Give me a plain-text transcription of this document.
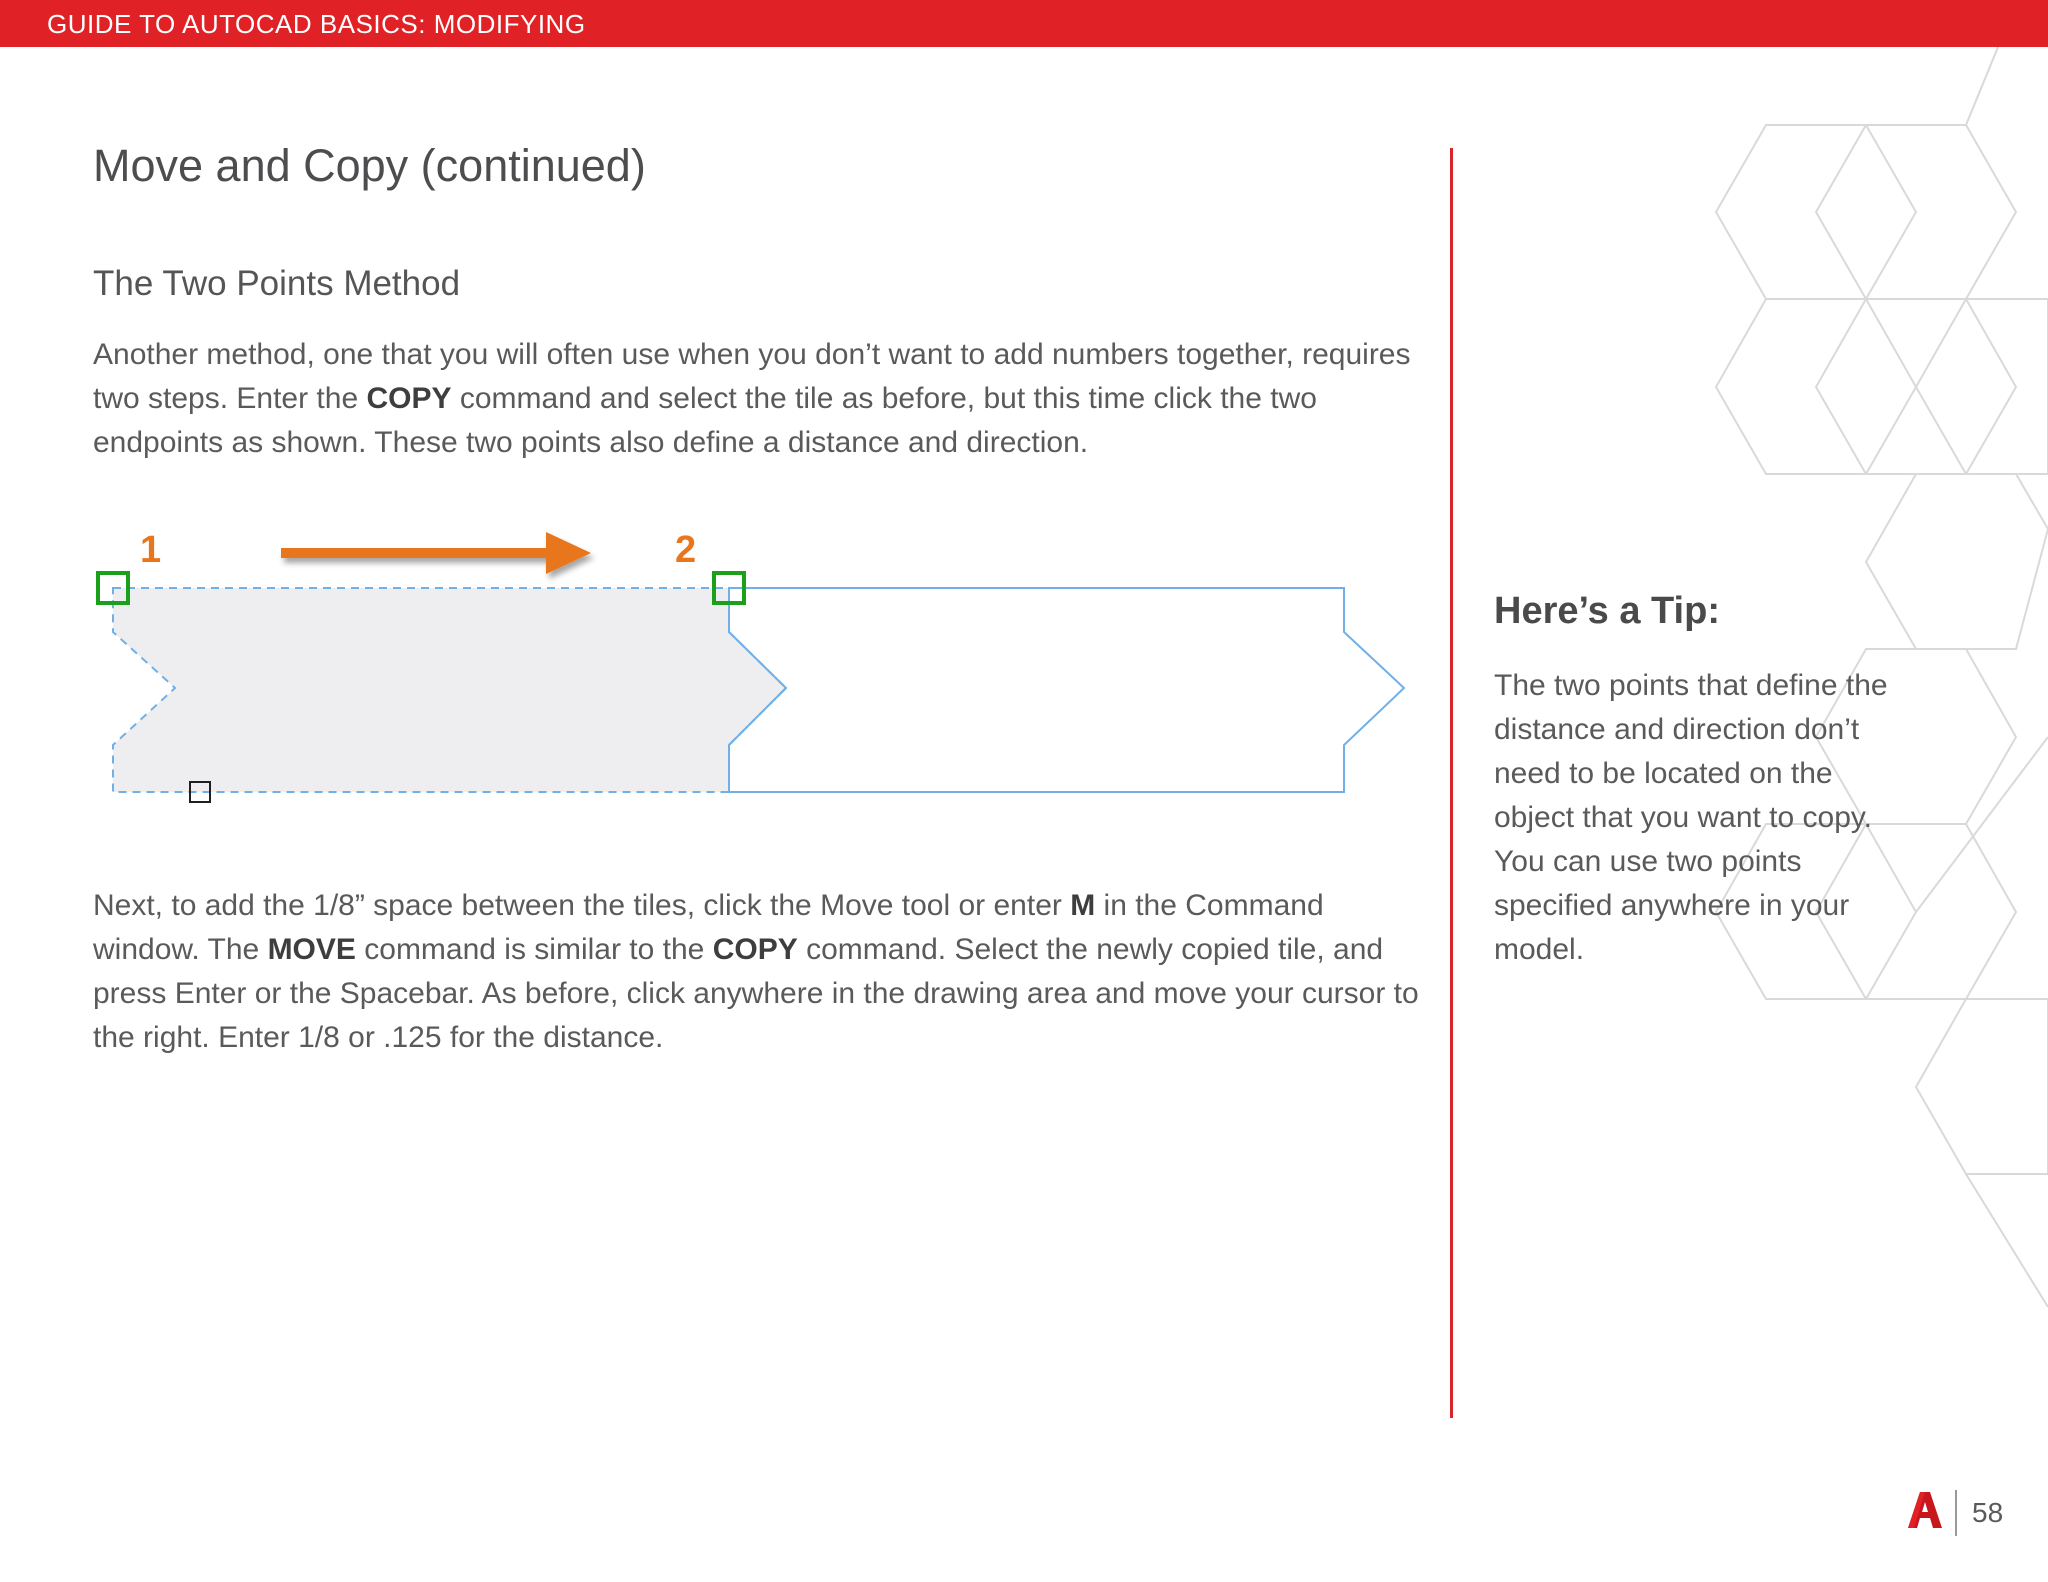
GUIDE TO AUTOCAD BASICS: MODIFYING
Move and Copy (continued)
The Two Points Method
Another method, one that you will often use when you don’t want to add numbers together, requires two steps. Enter the COPY command and select the tile as before, but this time click the two endpoints as shown. These two points also define a distance and direction.
1	2
Next, to add the 1/8” space between the tiles, click the Move tool or enter M in the Command window. The MOVE command is similar to the COPY command. Select the newly copied tile, and press Enter or the Spacebar. As before, click anywhere in the drawing area and move your cursor to the right. Enter 1/8 or .125 for the distance.
Here’s a Tip:
The two points that define the distance and direction don’t need to be located on the object that you want to copy. You can use two points specified anywhere in your model.
58
